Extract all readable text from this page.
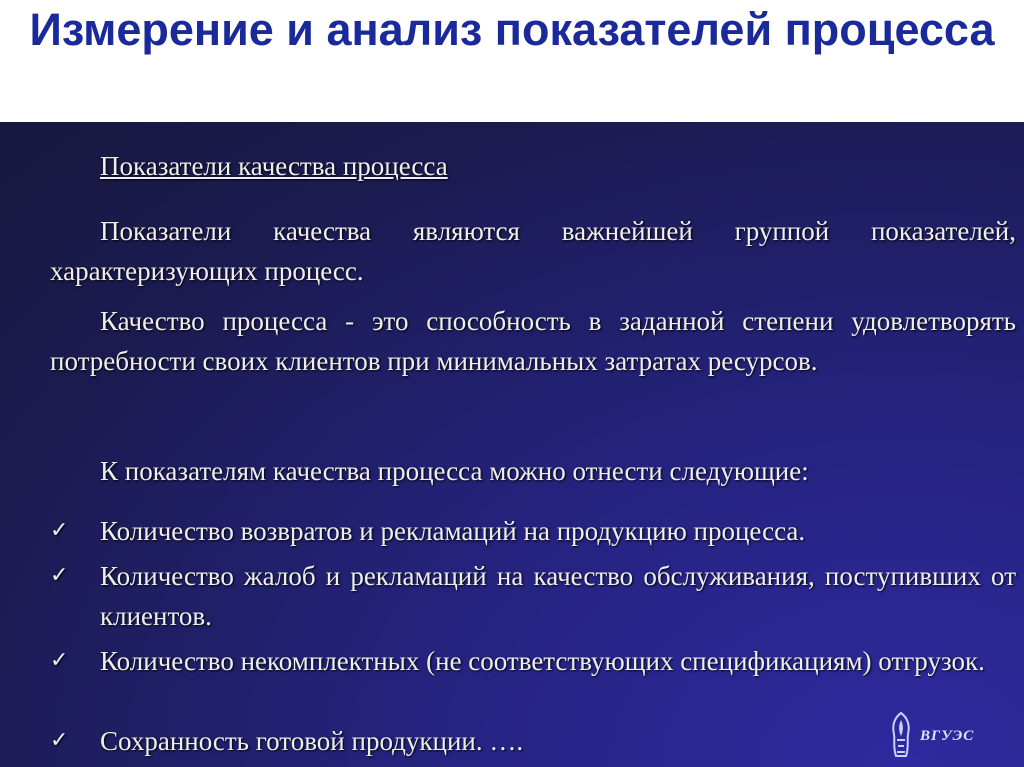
Измерение и анализ показателей процесса
Показатели качества процесса
Показатели качества являются важнейшей группой показателей, характеризующих процесс.
Качество процесса - это способность в заданной степени удовлетворять потребности своих клиентов при минимальных затратах ресурсов.
К показателям качества процесса можно отнести следующие:
✓	Количество возвратов и рекламаций на продукцию процесса.
✓	Количество жалоб и рекламаций на качество обслуживания, поступивших от клиентов.
✓	Количество некомплектных (не соответствующих спецификациям) отгрузок.
✓	Сохранность готовой продукции. ….	ВГУЭС
